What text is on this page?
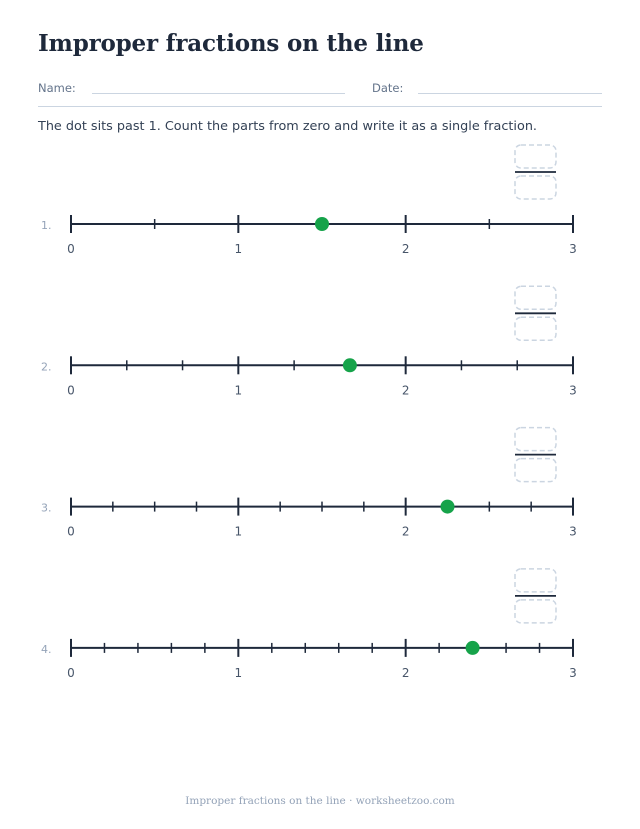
Improper fractions on the line
Name:	Date:

The dot sits past 1. Count the parts from zero and write it as a single fraction.

1.
0	1	2	3
2.
0	1	2	3
3.
0	1	2	3
4.
0	1	2	3
Improper fractions on the line · worksheetzoo.com
